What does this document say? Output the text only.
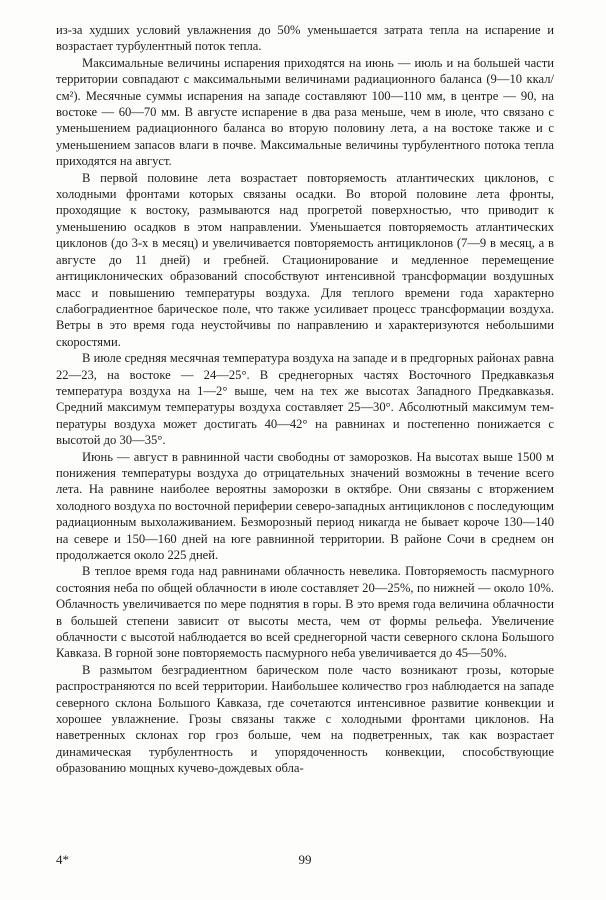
из-за худших условий увлажнения до 50% уменьшается затрата тепла на испарение и возрастает турбулентный поток тепла.

Максимальные величины испарения приходятся на июнь — июль и на большей части территории совпадают с максимальными величинами радиационного баланса (9—10 ккал/см²). Месячные суммы испарения на западе составляют 100—110 мм, в центре — 90, на востоке — 60—70 мм. В августе испарение в два раза меньше, чем в июле, что связано с уменьшением радиационного баланса во вторую половину лета, а на востоке также и с уменьшением запасов влаги в почве. Максимальные величины турбулентного потока тепла приходятся на август.

В первой половине лета возрастает повторяемость атлантических циклонов, с холодными фронтами которых связаны осадки. Во второй половине лета фронты, проходящие к востоку, размываются над прогретой поверхностью, что приводит к уменьшению осадков в этом направлении. Уменьшается повторяемость атлантических циклонов (до 3-х в месяц) и увеличивается повторяемость антициклонов (7—9 в месяц, а в августе до 11 дней) и гребней. Стационирование и медленное перемещение антициклонических образований способствуют интенсивной трансформации воздушных масс и повышению температуры воздуха. Для теплого времени года характерно слабоградиентное барическое поле, что также усиливает процесс трансформации воздуха. Ветры в это время года неустойчивы по направлению и характеризуются небольшими скоростями.

В июле средняя месячная температура воздуха на западе и в предгорных районах равна 22—23, на востоке — 24—25°. В среднегорных частях Восточного Предкавказья температура воздуха на 1—2° выше, чем на тех же высотах Западного Предкавказья. Средний максимум температуры воздуха составляет 25—30°. Абсолютный максимум температуры воздуха может достигать 40—42° на равнинах и постепенно понижается с высотой до 30—35°.

Июнь — август в равнинной части свободны от заморозков. На высотах выше 1500 м понижения температуры воздуха до отрицательных значений возможны в течение всего лета. На равнине наиболее вероятны заморозки в октябре. Они связаны с вторжением холодного воздуха по восточной периферии северо-западных антициклонов с последующим радиационным выхолаживанием. Безморозный период никагда не бывает короче 130—140 на севере и 150—160 дней на юге равнинной территории. В районе Сочи в среднем он продолжается около 225 дней.

В теплое время года над равнинами облачность невелика. Повторяемость пасмурного состояния неба по общей облачности в июле составляет 20—25%, по нижней — около 10%. Облачность увеличивается по мере поднятия в горы. В это время года величина облачности в большей степени зависит от высоты места, чем от формы рельефа. Увеличение облачности с высотой наблюдается во всей среднегорной части северного склона Большого Кавказа. В горной зоне повторяемость пасмурного неба увеличивается до 45—50%.

В размытом безградиентном барическом поле часто возникают грозы, которые распространяются по всей территории. Наибольшее количество гроз наблюдается на западе северного склона Большого Кавказа, где сочетаются интенсивное развитие конвекции и хорошее увлажнение. Грозы связаны также с холодными фронтами циклонов. На наветренных склонах гор гроз больше, чем на подветренных, так как возрастает динамическая турбулентность и упорядоченность конвекции, способствующие образованию мощных кучево-дождевых обла-

4*	99
